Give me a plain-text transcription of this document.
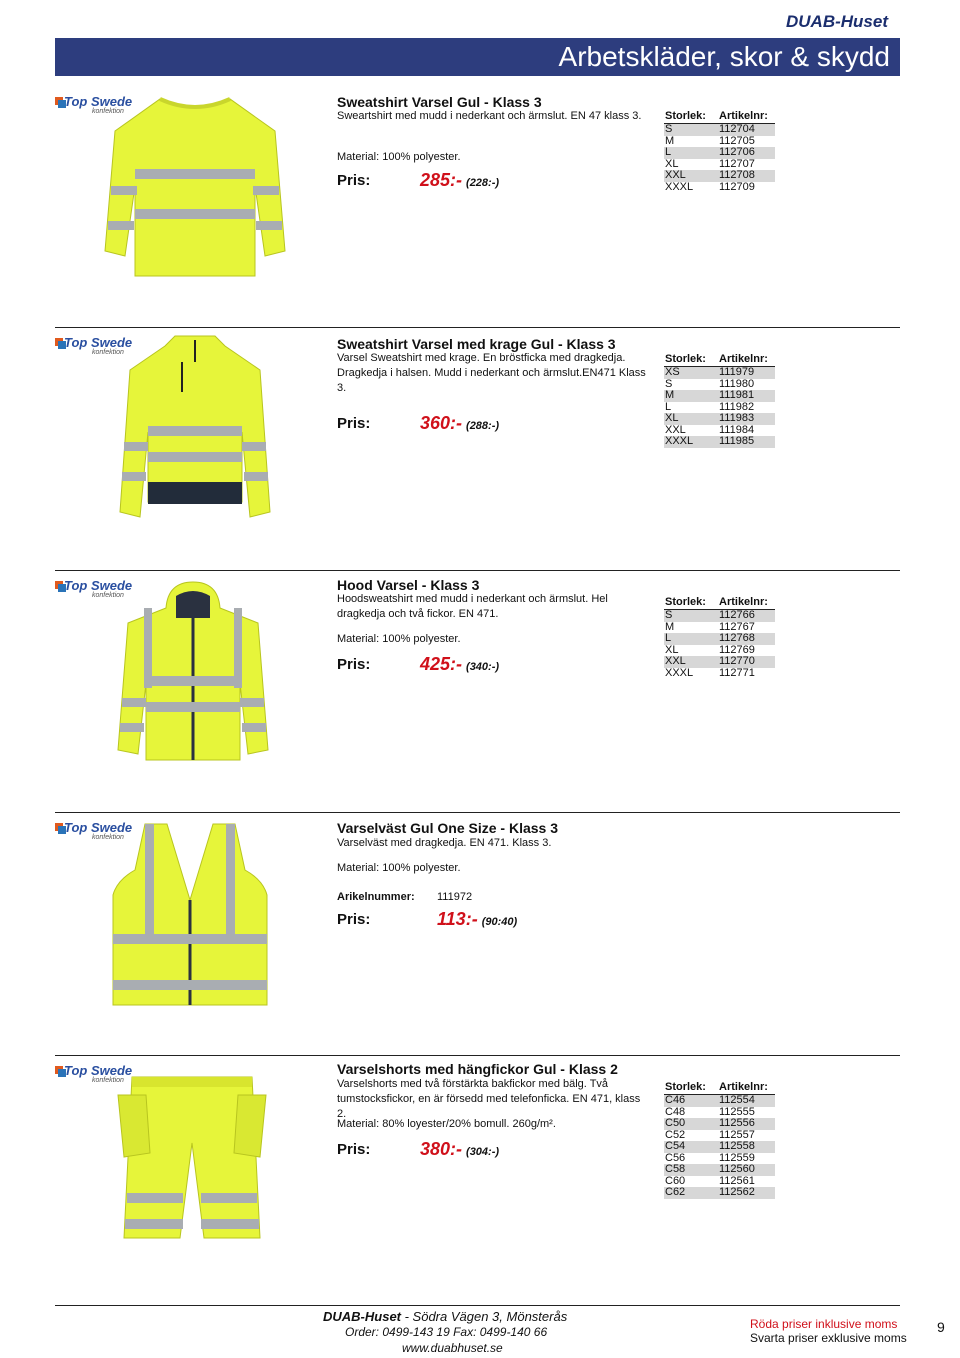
DUAB-Huset
Arbetskläder, skor & skydd
Top Swede
konfektion
Sweatshirt Varsel Gul - Klass 3
Sweartshirt med mudd i nederkant och ärmslut. EN 47 klass 3.
Material: 100% polyester.
Pris:	285:- (228:-)
Storlek: Artikelnr:
S	112704
M	112705
L	112706
XL	112707
XXL	112708
XXXL 112709
Top Swede
konfektion
Sweatshirt Varsel med krage Gul - Klass 3
Varsel Sweatshirt med krage. En bröstficka med dragkedja. Dragkedja i halsen. Mudd i nederkant och ärmslut.EN471 Klass 3.
Pris:	360:- (288:-)
Storlek: Artikelnr:
XS	111979
S	111980
M	111981
L	111982
XL	111983
XXL	111984
XXXL 111985
Top Swede
konfektion
Hood Varsel - Klass 3
Hoodsweatshirt med mudd i nederkant och ärmslut. Hel dragkedja och två fickor. EN 471.
Material: 100% polyester.
Pris:	425:- (340:-)
Storlek: Artikelnr:
S	112766
M	112767
L	112768
XL	112769
XXL	112770
XXXL 112771
Top Swede
konfektion
Varselväst Gul One Size - Klass 3
Varselväst med dragkedja. EN 471. Klass 3.
Material: 100% polyester.
Arikelnummer: 111972
Pris:	113:- (90:40)
Top Swede
konfektion
Varselshorts med hängfickor Gul - Klass 2
Varselshorts med två förstärkta bakfickor med bälg. Två tumstocksfickor, en är försedd med telefonficka. EN 471, klass 2.
Material: 80% loyester/20% bomull. 260g/m².
Pris:	380:- (304:-)
Storlek: Artikelnr:
C46	112554
C48	112555
C50	112556
C52	112557
C54	112558
C56	112559
C58	112560
C60	112561
C62	112562
DUAB-Huset - Södra Vägen 3, Mönsterås
Order: 0499-143 19 Fax: 0499-140 66
www.duabhuset.se
Röda priser inklusive moms
Svarta priser exklusive moms
9
